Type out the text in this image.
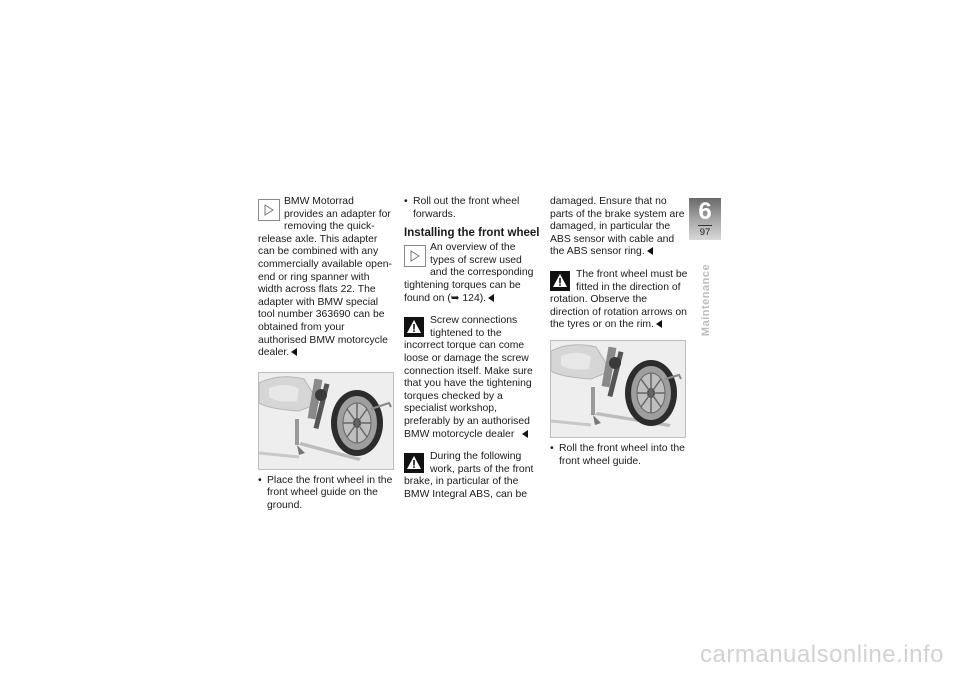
BMW Motorrad provides an adapter for removing the quick-release axle. This adapter can be combined with any commercially available open-end or ring spanner with width across flats 22. The adapter with BMW special tool number 363690 can be obtained from your authorised BMW motorcycle dealer.
• Place the front wheel in the front wheel guide on the ground.
• Roll out the front wheel forwards.
Installing the front wheel
An overview of the types of screw used and the corresponding tightening torques can be found on (➥ 124).
Screw connections tightened to the incorrect torque can come loose or damage the screw connection itself. Make sure that you have the tightening torques checked by a specialist workshop, preferably by an authorised BMW motorcycle dealer
During the following work, parts of the front brake, in particular of the BMW Integral ABS, can be
damaged. Ensure that no parts of the brake system are damaged, in particular the ABS sensor with cable and the ABS sensor ring.
The front wheel must be fitted in the direction of rotation. Observe the direction of rotation arrows on the tyres or on the rim.
• Roll the front wheel into the front wheel guide.
6
97
Maintenance
carmanualsonline.info
